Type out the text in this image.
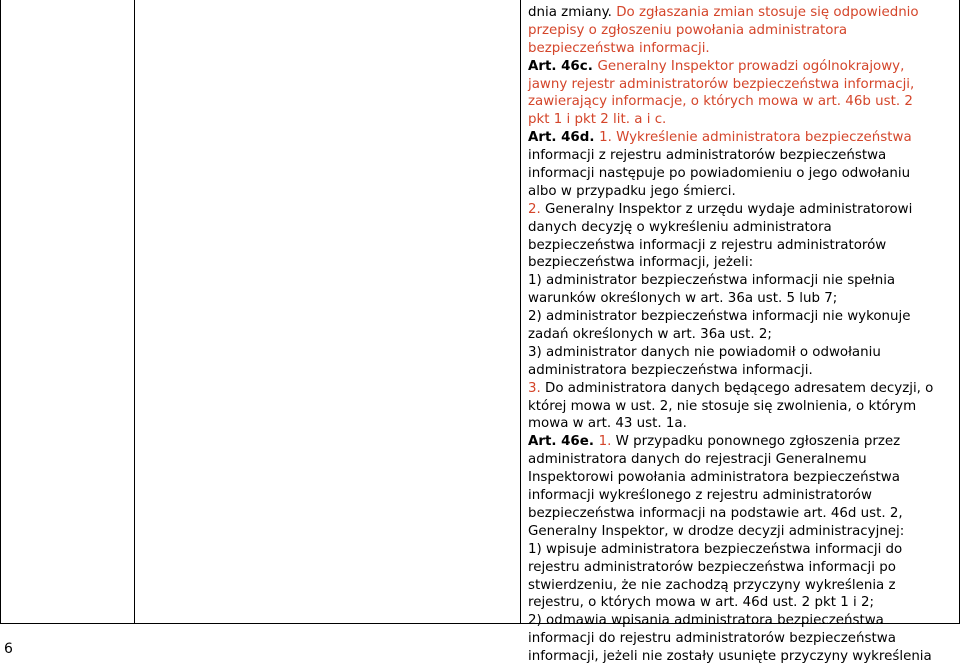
dnia zmiany. Do zgłaszania zmian stosuje się odpowiednio
przepisy o zgłoszeniu powołania administratora
bezpieczeństwa informacji.
Art. 46c. Generalny Inspektor prowadzi ogólnokrajowy,
jawny rejestr administratorów bezpieczeństwa informacji,
zawierający informacje, o których mowa w art. 46b ust. 2
pkt 1 i pkt 2 lit. a i c.
Art. 46d. 1. Wykreślenie administratora bezpieczeństwa
informacji z rejestru administratorów bezpieczeństwa
informacji następuje po powiadomieniu o jego odwołaniu
albo w przypadku jego śmierci.
2. Generalny Inspektor z urzędu wydaje administratorowi
danych decyzję o wykreśleniu administratora
bezpieczeństwa informacji z rejestru administratorów
bezpieczeństwa informacji, jeżeli:
1) administrator bezpieczeństwa informacji nie spełnia
warunków określonych w art. 36a ust. 5 lub 7;
2) administrator bezpieczeństwa informacji nie wykonuje
zadań określonych w art. 36a ust. 2;
3) administrator danych nie powiadomił o odwołaniu
administratora bezpieczeństwa informacji.
3. Do administratora danych będącego adresatem decyzji, o
której mowa w ust. 2, nie stosuje się zwolnienia, o którym
mowa w art. 43 ust. 1a.
Art. 46e. 1. W przypadku ponownego zgłoszenia przez
administratora danych do rejestracji Generalnemu
Inspektorowi powołania administratora bezpieczeństwa
informacji wykreślonego z rejestru administratorów
bezpieczeństwa informacji na podstawie art. 46d ust. 2,
Generalny Inspektor, w drodze decyzji administracyjnej:
1) wpisuje administratora bezpieczeństwa informacji do
rejestru administratorów bezpieczeństwa informacji po
stwierdzeniu, że nie zachodzą przyczyny wykreślenia z
rejestru, o których mowa w art. 46d ust. 2 pkt 1 i 2;
2) odmawia wpisania administratora bezpieczeństwa
informacji do rejestru administratorów bezpieczeństwa
informacji, jeżeli nie zostały usunięte przyczyny wykreślenia
6
